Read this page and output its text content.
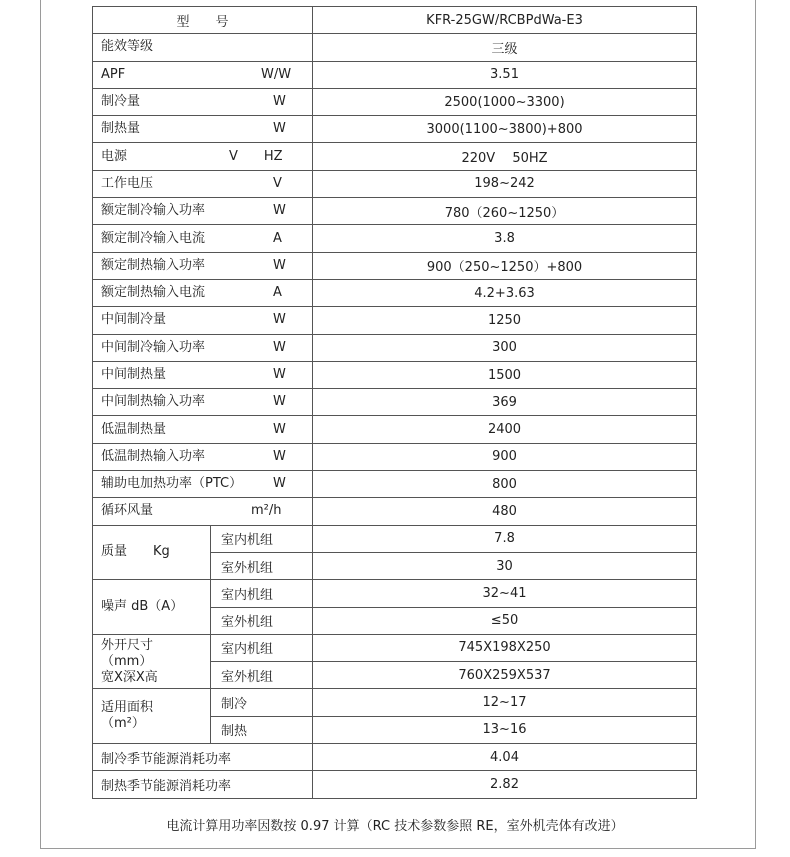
型　　号		KFR-25GW/RCBPdWa-E3

能效等级		三级

APF W/W		3.51

制冷量 W		2500(1000~3300)

制热量 W		3000(1100~3800)+800

电源 V　　HZ		220V　 50HZ

工作电压 V		198~242

额定制冷输入功率 W		780（260~1250）

额定制冷输入电流 A		3.8

额定制热输入功率 W		900（250~1250）+800

额定制热输入电流 A		4.2+3.63

中间制冷量 W		1250

中间制冷输入功率 W		300

中间制热量 W		1500

中间制热输入功率 W		369

低温制热量 W		2400

低温制热输入功率 W		900

辅助电加热功率（PTC） W		800

循环风量 m²/h		480
质量　　Kg	室内机组	7.8
	室外机组	30
噪声 dB（A）	室内机组	32~41
	室外机组	≤50
外开尺寸（mm）
宽X深X高	室内机组	745X198X250
	室外机组	760X259X537
适用面积
（m²）	制冷	12~17
	制热	13~16
制冷季节能源消耗功率		4.04
制热季节能源消耗功率		2.82
电流计算用功率因数按 0.97 计算（RC 技术参数参照 RE，室外机壳体有改进）
